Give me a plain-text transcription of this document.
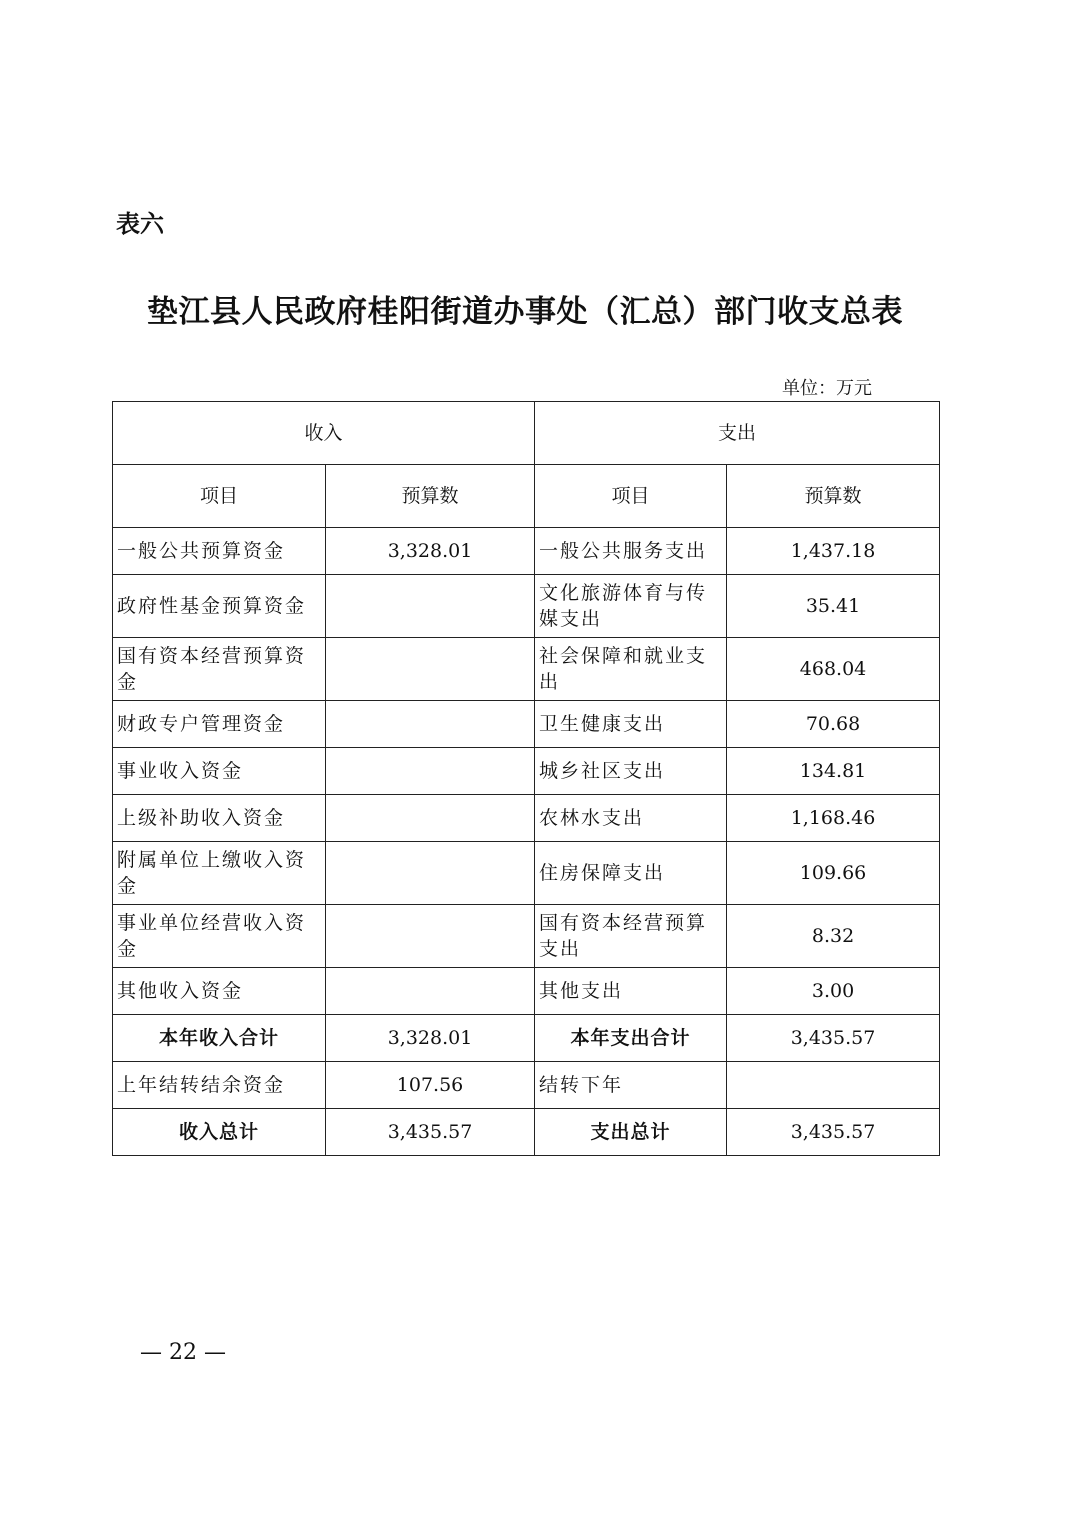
表六
垫江县人民政府桂阳街道办事处（汇总）部门收支总表
单位：万元
收入		支出	
项目	预算数	项目	预算数
一般公共预算资金	3,328.01	一般公共服务支出	1,437.18
政府性基金预算资金		文化旅游体育与传媒支出	35.41
国有资本经营预算资金		社会保障和就业支出	468.04
财政专户管理资金		卫生健康支出	70.68
事业收入资金		城乡社区支出	134.81
上级补助收入资金		农林水支出	1,168.46
附属单位上缴收入资金		住房保障支出	109.66
事业单位经营收入资金		国有资本经营预算支出	8.32
其他收入资金		其他支出	3.00
本年收入合计	3,328.01	本年支出合计	3,435.57
上年结转结余资金	107.56	结转下年	
收入总计	3,435.57	支出总计	3,435.57
— 22 —
